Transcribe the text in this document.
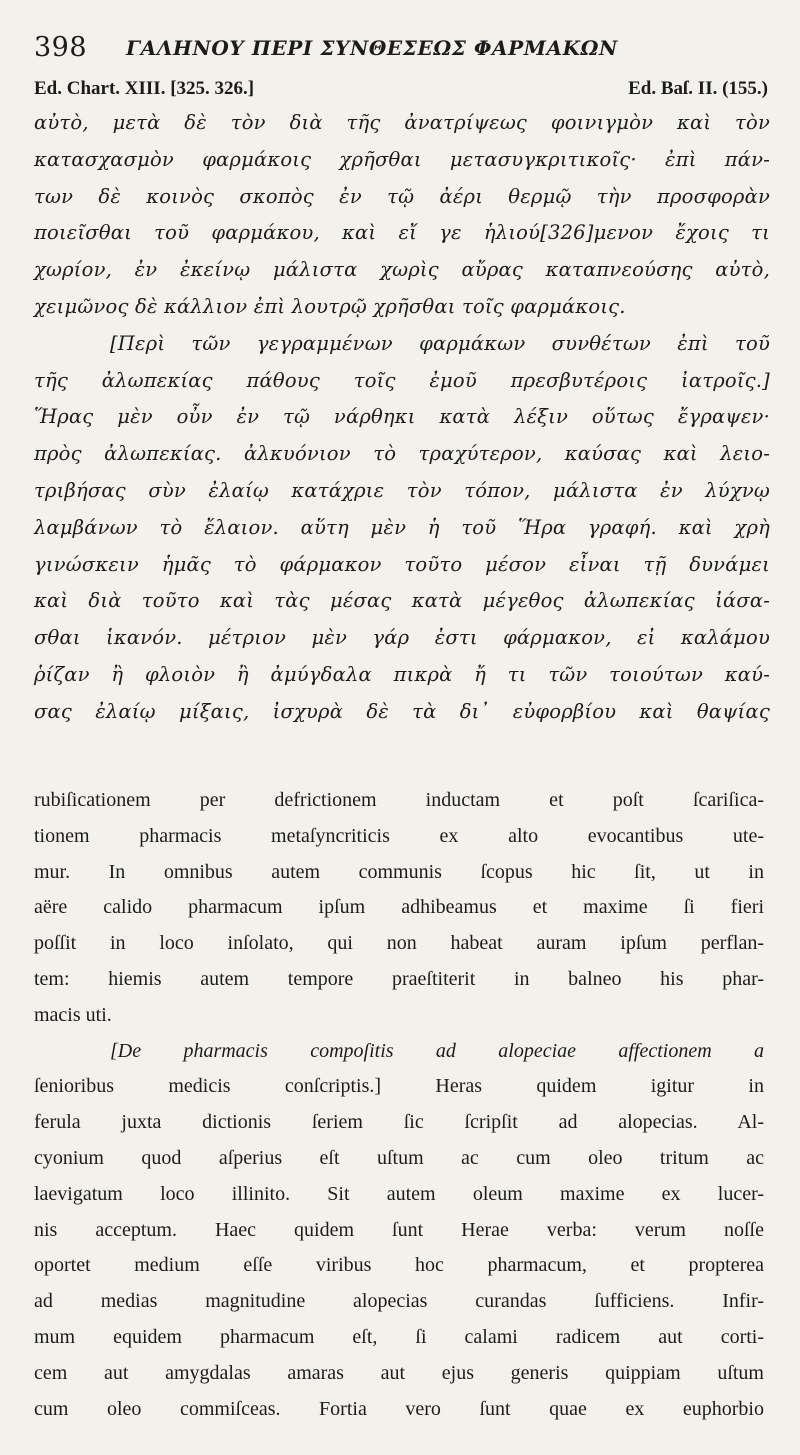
398 ΓΑΛΗΝΟΥ ΠΕΡΙ ΣΥΝΘΕΣΕΩΣ ΦΑΡΜΑΚΩΝ
Ed. Chart. XIII. [325. 326.]	Ed. Baſ. II. (155.)
αὐτὸ, μετὰ δὲ τὸν διὰ τῆς ἀνατρίψεως φοινιγμὸν καὶ τὸν
κατασχασμὸν φαρμάκοις χρῆσθαι μετασυγκριτικοῖς· ἐπὶ πάν-
των δὲ κοινὸς σκοπὸς ἐν τῷ ἀέρι θερμῷ τὴν προσφορὰν
ποιεῖσθαι τοῦ φαρμάκου, καὶ εἴ γε ἡλιού[326]μενον ἔχοις τι
χωρίον, ἐν ἐκείνῳ μάλιστα χωρὶς αὔρας καταπνεούσης αὐτὸ,
χειμῶνος δὲ κάλλιον ἐπὶ λουτρῷ χρῆσθαι τοῖς φαρμάκοις.
[Περὶ τῶν γεγραμμένων φαρμάκων συνθέτων ἐπὶ τοῦ
τῆς ἀλωπεκίας πάθους τοῖς ἐμοῦ πρεσβυτέροις ἰατροῖς.]
Ἥρας μὲν οὖν ἐν τῷ νάρθηκι κατὰ λέξιν οὕτως ἔγραψεν·
πρὸς ἀλωπεκίας. ἀλκυόνιον τὸ τραχύτερον, καύσας καὶ λειο-
τριβήσας σὺν ἐλαίῳ κατάχριε τὸν τόπον, μάλιστα ἐν λύχνῳ
λαμβάνων τὸ ἔλαιον. αὕτη μὲν ἡ τοῦ Ἥρα γραφή. καὶ χρὴ
γινώσκειν ἡμᾶς τὸ φάρμακον τοῦτο μέσον εἶναι τῇ δυνάμει
καὶ διὰ τοῦτο καὶ τὰς μέσας κατὰ μέγεθος ἀλωπεκίας ἰάσα-
σθαι ἱκανόν. μέτριον μὲν γάρ ἐστι φάρμακον, εἰ καλάμου
ῥίζαν ἢ φλοιὸν ἢ ἀμύγδαλα πικρὰ ἤ τι τῶν τοιούτων καύ-
σας ἐλαίῳ μίξαις, ἰσχυρὰ δὲ τὰ δι᾽ εὐφορβίου καὶ θαψίας
rubiſicationem per defrictionem inductam et poſt ſcariſica-
tionem pharmacis metaſyncriticis ex alto evocantibus ute-
mur. In omnibus autem communis ſcopus hic ſit, ut in
aëre calido pharmacum ipſum adhibeamus et maxime ſi fieri
poſſit in loco inſolato, qui non habeat auram ipſum perflan-
tem: hiemis autem tempore praeſtiterit in balneo his phar-
macis uti.
[De pharmacis compoſitis ad alopeciae affectionem a
ſenioribus medicis conſcriptis.] Heras quidem igitur in
ferula juxta dictionis ſeriem ſic ſcripſit ad alopecias. Al-
cyonium quod aſperius eſt uſtum ac cum oleo tritum ac
laevigatum loco illinito. Sit autem oleum maxime ex lucer-
nis acceptum. Haec quidem ſunt Herae verba: verum noſſe
oportet medium eſſe viribus hoc pharmacum, et propterea
ad medias magnitudine alopecias curandas ſufficiens. Infir-
mum equidem pharmacum eſt, ſi calami radicem aut corti-
cem aut amygdalas amaras aut ejus generis quippiam uſtum
cum oleo commiſceas. Fortia vero ſunt quae ex euphorbio
